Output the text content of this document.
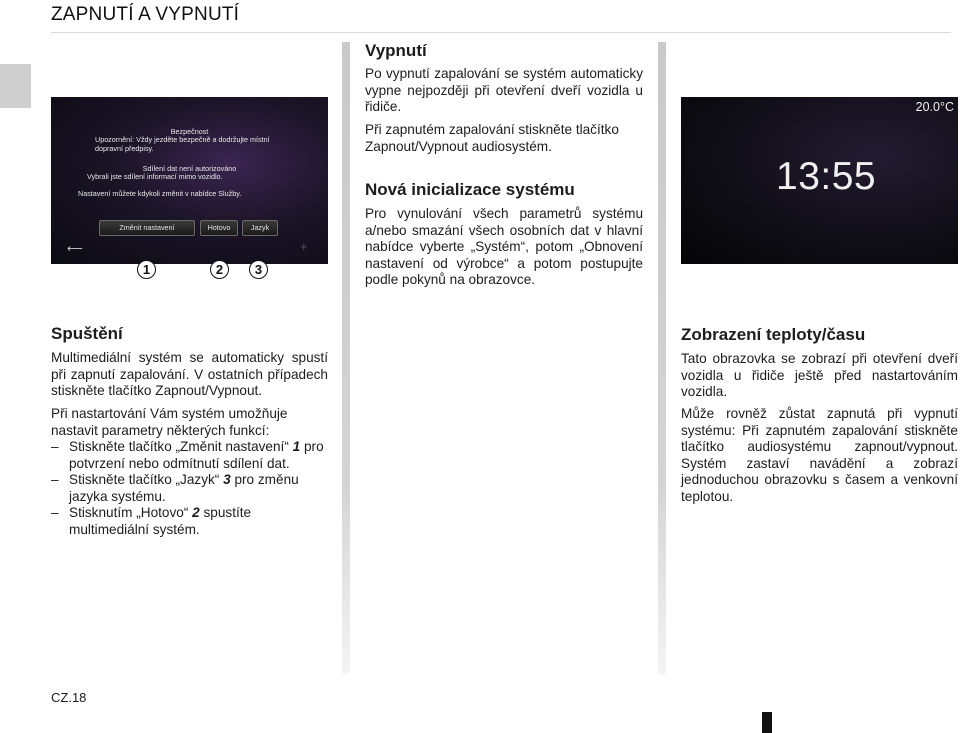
ZAPNUTÍ A VYPNUTÍ
Bezpečnost
Upozornění: Vždy jezděte bezpečně a dodržujte místní
dopravní předpisy.
Sdílení dat není autorizováno
Vybrali jste sdílení informací mimo vozidlo.
Nastavení můžete kdykoli změnit v nabídce Služby.
Změnit nastavení	Hotovo	Jazyk
⟵	+
1	2	3
20.0°C
13:55
Vypnutí

Po vypnutí zapalování se systém automaticky vypne nejpozději při otevření dveří vozidla u řidiče.

Při zapnutém zapalování stiskněte tlačítko Zapnout/Vypnout audiosystém.

Nová inicializace systému

Pro vynulování všech parametrů systému a/nebo smazání všech osobních dat v hlavní nabídce vyberte „Systém“, potom „Obnovení nastavení od výrobce“ a potom postupujte podle pokynů na obrazovce.

Spuštění

Multimediální systém se automaticky spustí při zapnutí zapalování. V ostatních případech stiskněte tlačítko Zapnout/Vypnout.

Při nastartování Vám systém umožňuje nastavit parametry některých funkcí:

– Stiskněte tlačítko „Změnit nastavení“ 1 pro potvrzení nebo odmítnutí sdílení dat.

– Stiskněte tlačítko „Jazyk“ 3 pro změnu jazyka systému.

– Stisknutím „Hotovo“ 2 spustíte multimediální systém.

Zobrazení teploty/času

Tato obrazovka se zobrazí při otevření dveří vozidla u řidiče ještě před nastartováním vozidla.

Může rovněž zůstat zapnutá při vypnutí systému: Při zapnutém zapalování stiskněte tlačítko audiosystému zapnout/vypnout. Systém zastaví navádění a zobrazí jednoduchou obrazovku s časem a venkovní teplotou.

CZ.18
